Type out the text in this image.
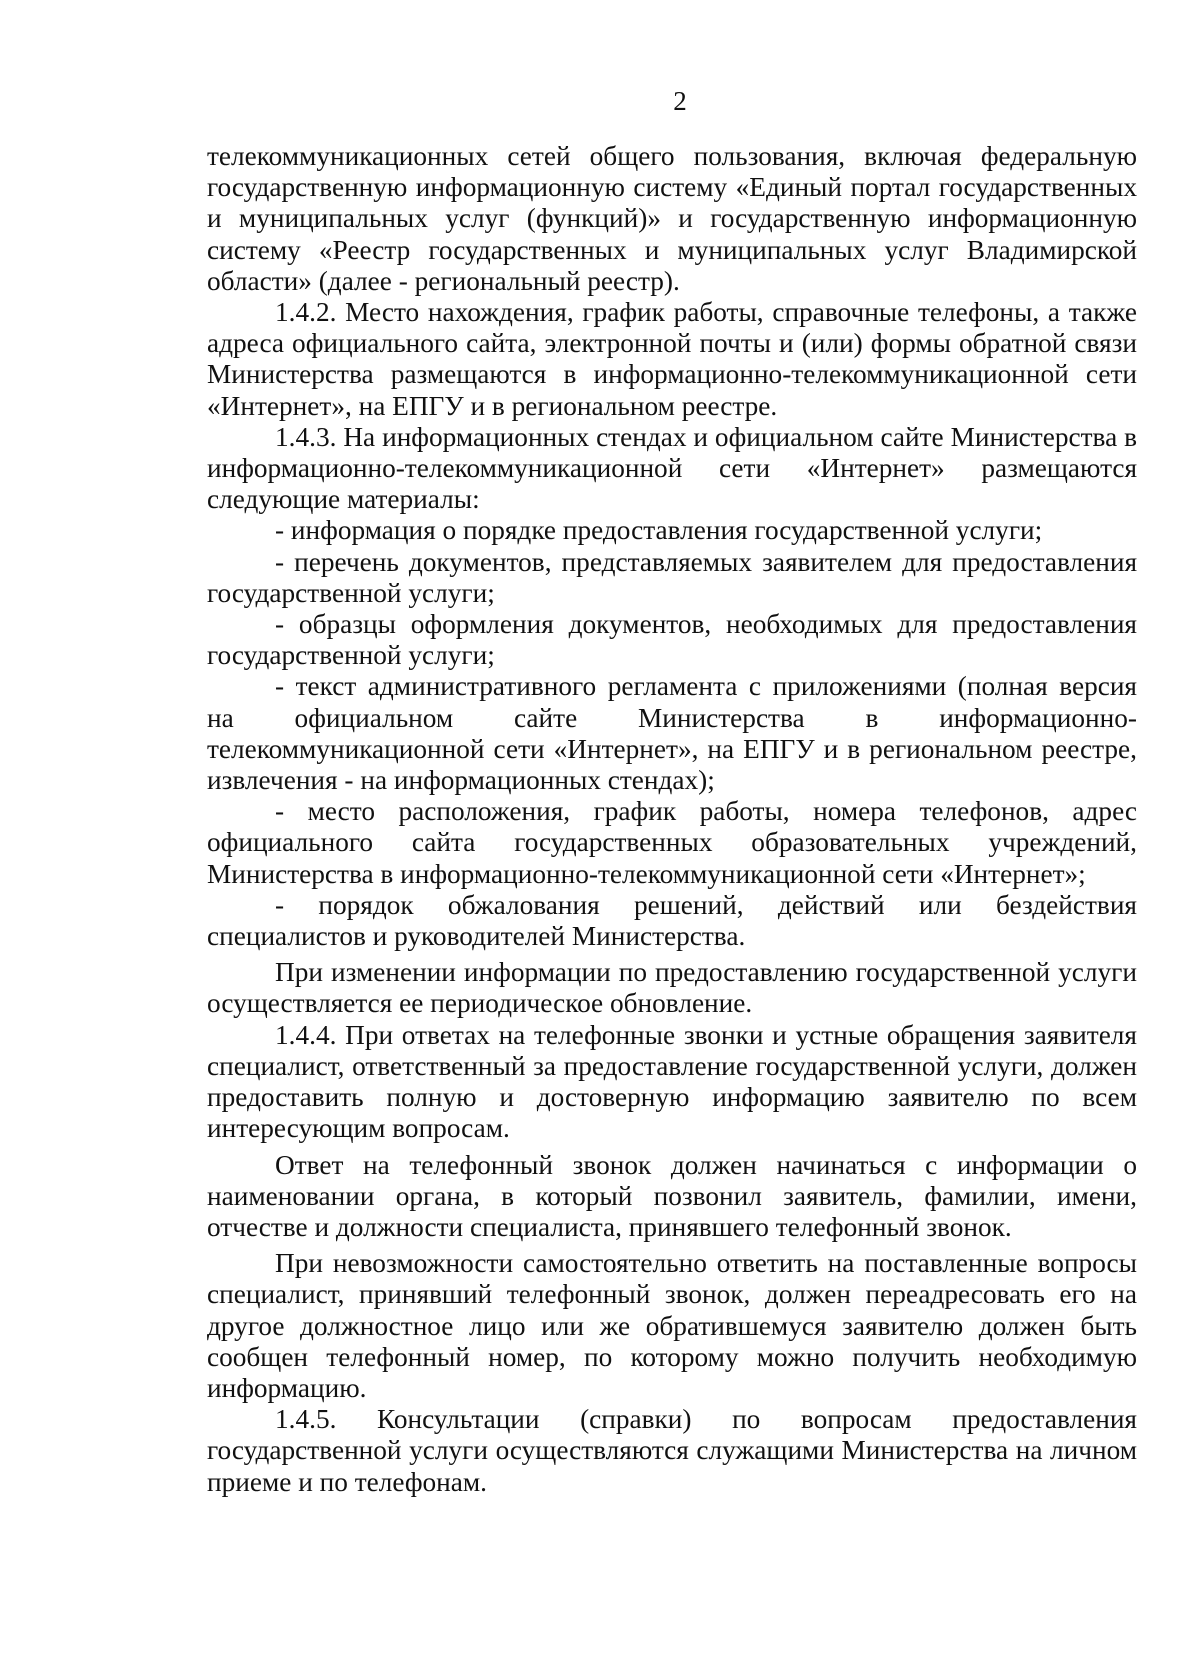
2

телекоммуникационных сетей общего пользования, включая федеральную государственную информационную систему «Единый портал государственных и муниципальных услуг (функций)» и государственную информационную систему «Реестр государственных и муниципальных услуг Владимирской области» (далее - региональный реестр).

1.4.2. Место нахождения, график работы, справочные телефоны, а также адреса официального сайта, электронной почты и (или) формы обратной связи Министерства размещаются в информационно-телекоммуникационной сети «Интернет», на ЕПГУ и в региональном реестре.

1.4.3. На информационных стендах и официальном сайте Министерства в информационно-телекоммуникационной сети «Интернет» размещаются следующие материалы:

- информация о порядке предоставления государственной услуги;

- перечень документов, представляемых заявителем для предоставления государственной услуги;

- образцы оформления документов, необходимых для предоставления государственной услуги;

- текст административного регламента с приложениями (полная версия на официальном сайте Министерства в информационно-телекоммуникационной сети «Интернет», на ЕПГУ и в региональном реестре, извлечения - на информационных стендах);

- место расположения, график работы, номера телефонов, адрес официального сайта государственных образовательных учреждений, Министерства в информационно-телекоммуникационной сети «Интернет»;

- порядок обжалования решений, действий или бездействия специалистов и руководителей Министерства.

При изменении информации по предоставлению государственной услуги осуществляется ее периодическое обновление.

1.4.4. При ответах на телефонные звонки и устные обращения заявителя специалист, ответственный за предоставление государственной услуги, должен предоставить полную и достоверную информацию заявителю по всем интересующим вопросам.

Ответ на телефонный звонок должен начинаться с информации о наименовании органа, в который позвонил заявитель, фамилии, имени, отчестве и должности специалиста, принявшего телефонный звонок.

При невозможности самостоятельно ответить на поставленные вопросы специалист, принявший телефонный звонок, должен переадресовать его на другое должностное лицо или же обратившемуся заявителю должен быть сообщен телефонный номер, по которому можно получить необходимую информацию.

1.4.5. Консультации (справки) по вопросам предоставления государственной услуги осуществляются служащими Министерства на личном приеме и по телефонам.
